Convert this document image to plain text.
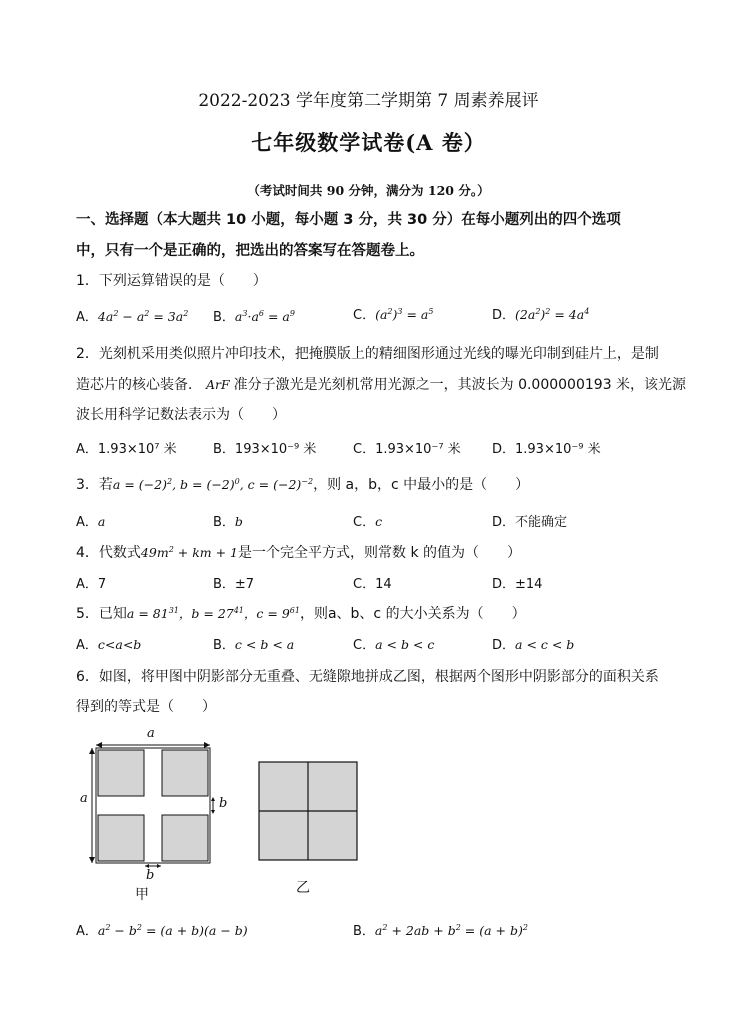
2022-2023 学年度第二学期第 7 周素养展评
七年级数学试卷(A 卷）
（考试时间共 90 分钟，满分为 120 分。）
一、选择题（本大题共 10 小题，每小题 3 分，共 30 分）在每小题列出的四个选项
中，只有一个是正确的，把选出的答案写在答题卷上。
1．下列运算错误的是（　　）
A．$4a^2 - a^2 = 3a^2$ B．$a^3\cdot a^6 = a^9$	C．$(a^2)^3 = a^5$	D．$(2a^2)^2 = 4a^4$
2．光刻机采用类似照片冲印技术，把掩膜版上的精细图形通过光线的曝光印制到硅片上，是制
造芯片的核心装备． ArF 准分子激光是光刻机常用光源之一，其波长为 0.000000193 米，该光源
波长用科学记数法表示为（　　）
A．1.93×10⁷ 米	B．193×10⁻⁹ 米	C．1.93×10⁻⁷ 米 D．1.93×10⁻⁹ 米
3．若$a = (-2)^2$, $b = (-2)^0$, $c = (-2)^{-2}$，则 a，b，c 中最小的是（　　）
A．a	B．b	C．c	D．不能确定
4．代数式$49m^2$ + km + 1是一个完全平方式，则常数 k 的值为（　　）
A．7	B．±7	C．14	D．±14
5．已知$a = 81^{31}$，$b = 27^{41}$，$c = 9^{61}$，则a、b、c 的大小关系为（　　）
A．c<a<b	B．c < b < a	C．a < b < c	D．a < c < b
6．如图，将甲图中阴影部分无重叠、无缝隙地拼成乙图，根据两个图形中阴影部分的面积关系
得到的等式是（　　）
a
a	b
b
甲	乙
A．$a^2 - b^2 = (a + b)(a - b)$	B．$a^2 + 2ab + b^2 = (a + b)^2$
